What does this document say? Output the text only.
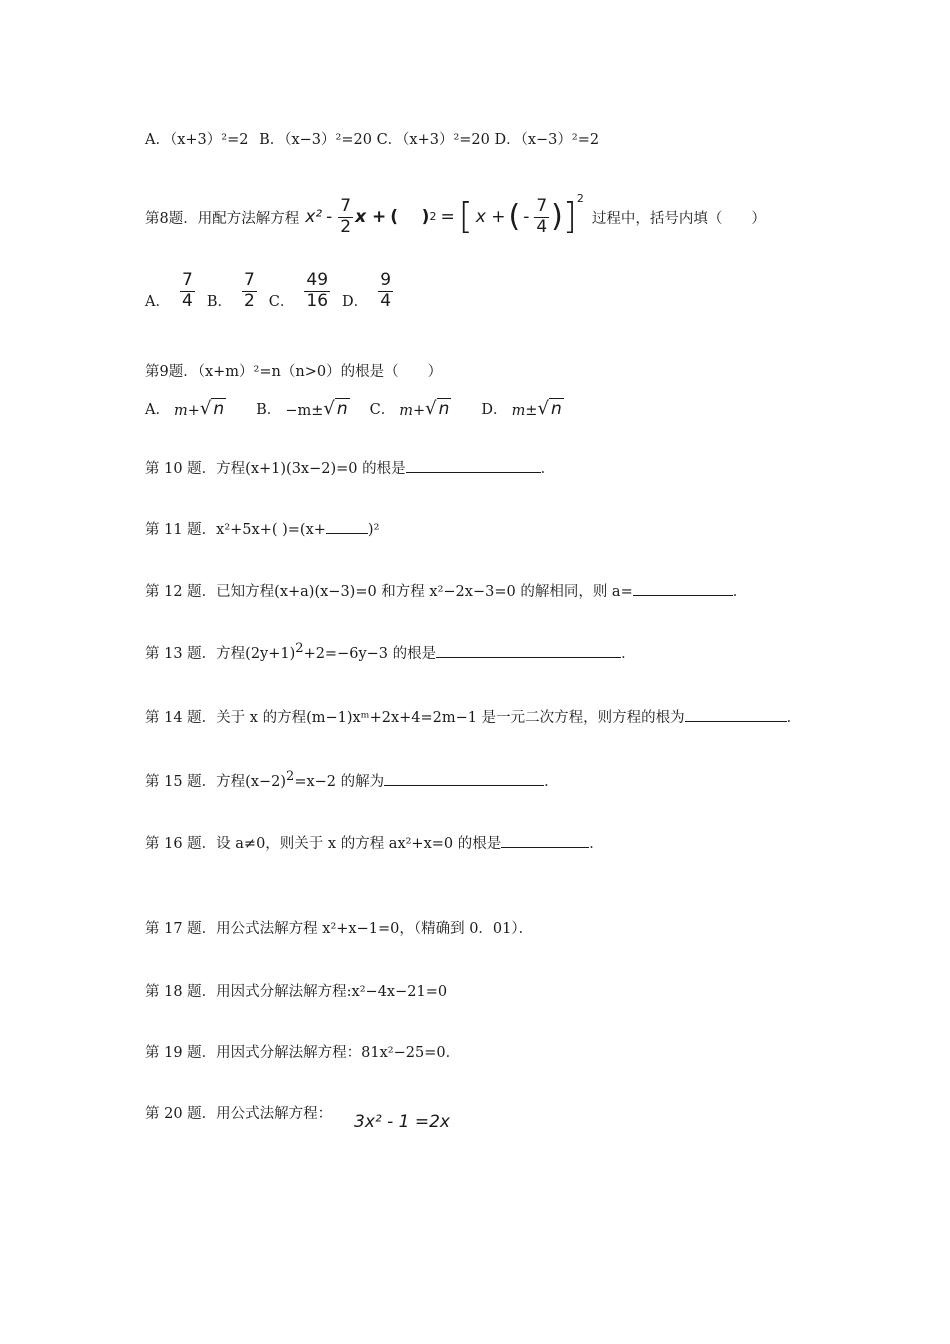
A．（x+3）²=2 B．（x−3）²=20 C．（x+3）²=20 D．（x−3）²=2
第8题．用配方法解方程 $x^2 - \frac{7}{2}$ x + (    ) 2 = [ x + ( - $\frac{7}{4}$ ) ] 2
过程中，括号内填（　　）
A． $\frac{7}{4}$ B． $\frac{7}{2}$ C． $\frac{49}{16}$ D． $\frac{9}{4}$
第9题．（x+m）²=n（n>0）的根是（　　）
A． m+ √ n B． −m± √ n C． m+ √ n D． m± √ n
第 10 题．方程(x+1)(3x−2)=0 的根是	．
第 11 题．x²+5x+( )=(x+	)²
第 12 题．已知方程(x+a)(x−3)=0 和方程 x²−2x−3=0 的解相同，则 a=	．
第 13 题．方程$(2y+1)^2+2=-6y-3$ 的根是	．
第 14 题．关于 x 的方程(m−1)xᵐ+2x+4=2m−1 是一元二次方程，则方程的根为	．
第 15 题．方程$(x-2)^2=x-2$ 的解为	．
第 16 题．设 a≠0，则关于 x 的方程 ax²+x=0 的根是	．
第 17 题．用公式法解方程 x²+x−1=0，（精确到 0．01）．
第 18 题．用因式分解法解方程:x²−4x−21=0
第 19 题．用因式分解法解方程：81x²−25=0．
第 20 题．用公式法解方程： 3x² - 1 =2x
